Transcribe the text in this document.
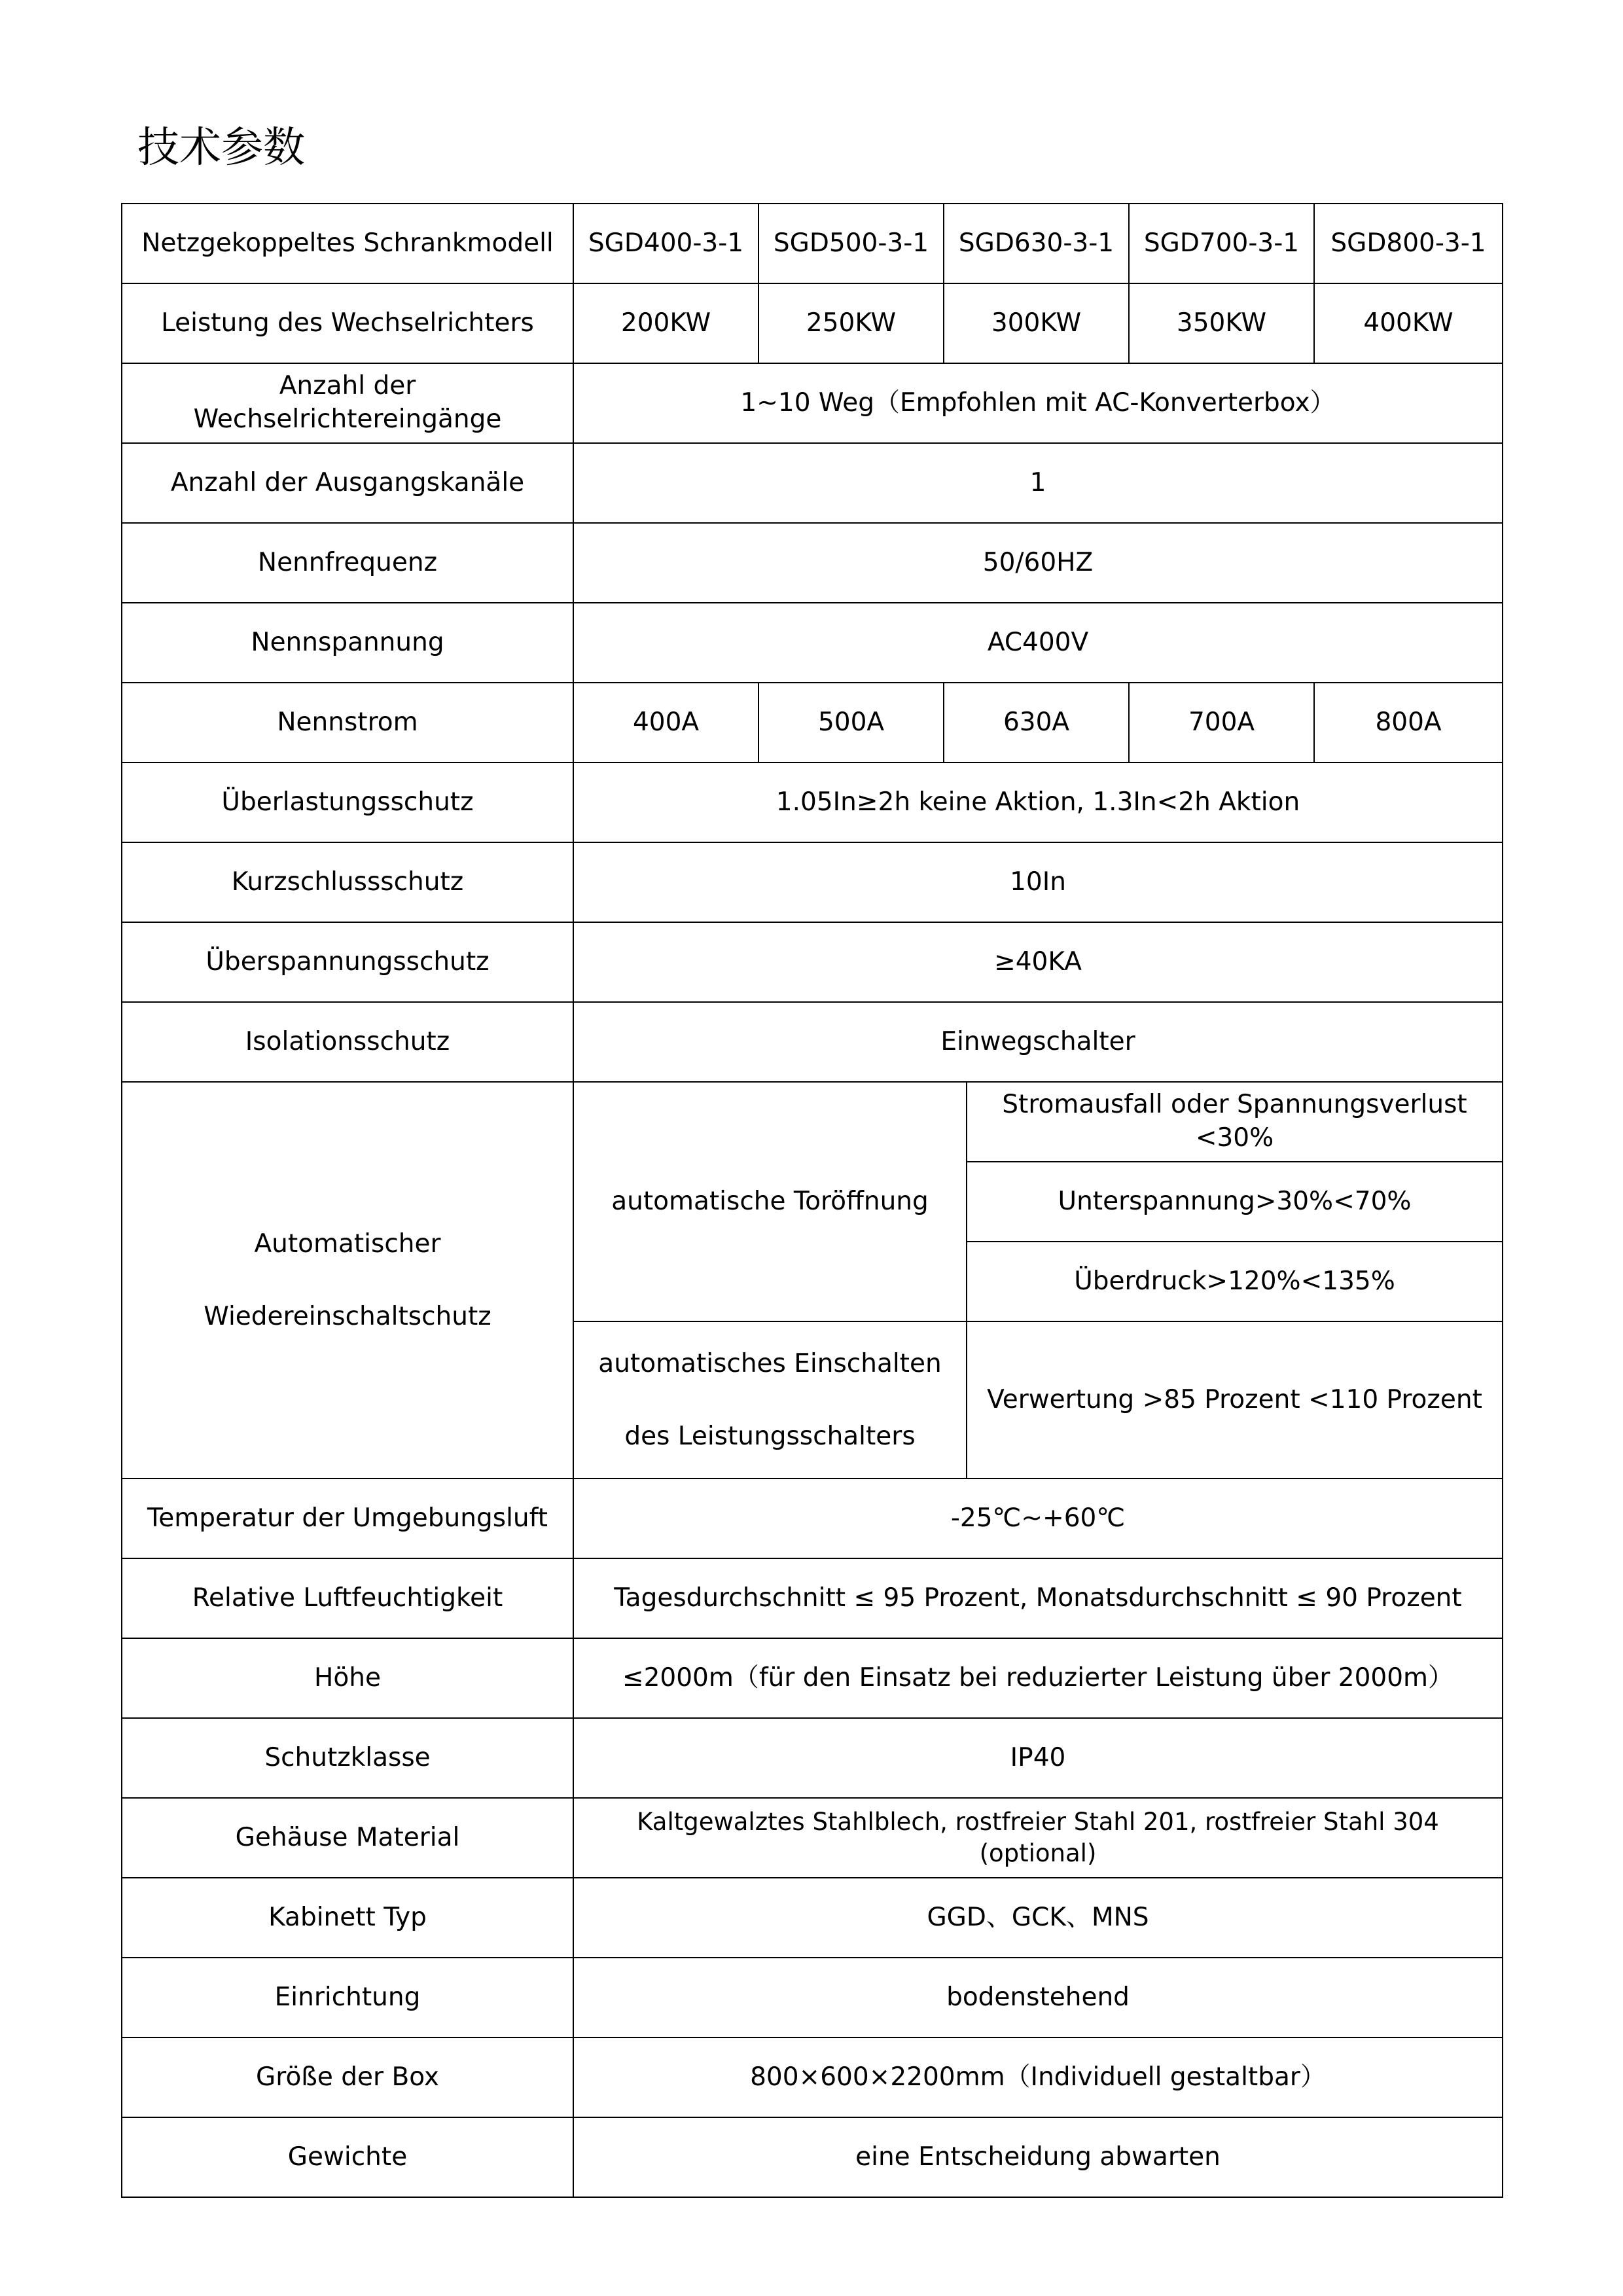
技术参数
Netzgekoppeltes Schrankmodell	SGD400-3-1	SGD500-3-1	SGD630-3-1		SGD700-3-1	SGD800-3-1
Leistung des Wechselrichters	200KW	250KW	300KW		350KW	400KW
Anzahl der Wechselrichtereingänge	1~10 Weg（Empfohlen mit AC-Konverterbox）					
Anzahl der Ausgangskanäle	1					
Nennfrequenz	50/60HZ					
Nennspannung	AC400V					
Nennstrom	400A	500A	630A		700A	800A
Überlastungsschutz	1.05In≥2h keine Aktion, 1.3In<2h Aktion					
Kurzschlussschutz	10In					
Überspannungsschutz	≥40KA					
Isolationsschutz	Einwegschalter					
Automatischer Wiedereinschaltschutz	automatische Toröffnung			Stromausfall oder Spannungsverlust <30%		
				Unterspannung>30%<70%		
				Überdruck>120%<135%		
	automatisches Einschalten des Leistungsschalters			Verwertung >85 Prozent <110 Prozent		
Temperatur der Umgebungsluft	-25℃~+60℃					
Relative Luftfeuchtigkeit	Tagesdurchschnitt ≤ 95 Prozent, Monatsdurchschnitt ≤ 90 Prozent					
Höhe	≤2000m（für den Einsatz bei reduzierter Leistung über 2000m）					
Schutzklasse	IP40					
Gehäuse Material	Kaltgewalztes Stahlblech, rostfreier Stahl 201, rostfreier Stahl 304 (optional)					
Kabinett Typ	GGD、GCK、MNS					
Einrichtung	bodenstehend					
Größe der Box	800×600×2200mm（Individuell gestaltbar）					
Gewichte	eine Entscheidung abwarten					
